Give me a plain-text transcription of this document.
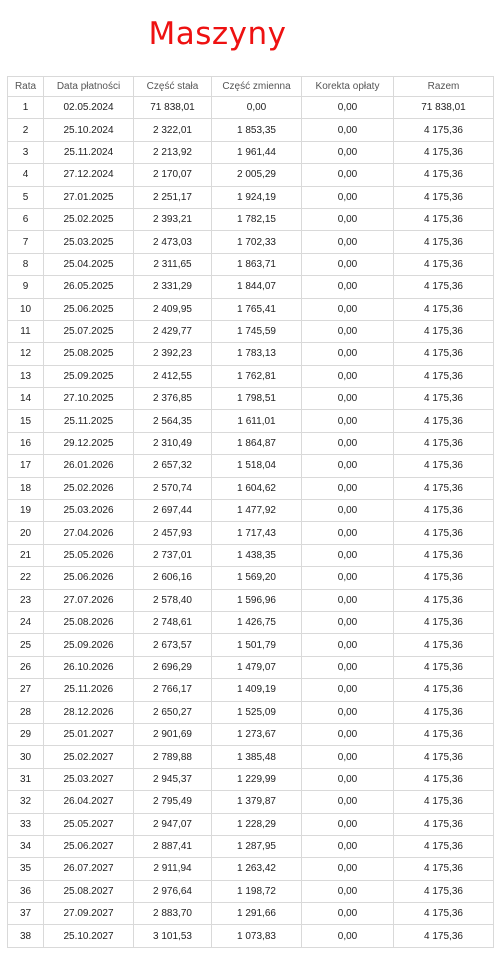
Maszyny
Rata	Data płatności	Część stała	Część zmienna	Korekta opłaty	Razem
1	02.05.2024	71 838,01	0,00	0,00	71 838,01
2	25.10.2024	2 322,01	1 853,35	0,00	4 175,36
3	25.11.2024	2 213,92	1 961,44	0,00	4 175,36
4	27.12.2024	2 170,07	2 005,29	0,00	4 175,36
5	27.01.2025	2 251,17	1 924,19	0,00	4 175,36
6	25.02.2025	2 393,21	1 782,15	0,00	4 175,36
7	25.03.2025	2 473,03	1 702,33	0,00	4 175,36
8	25.04.2025	2 311,65	1 863,71	0,00	4 175,36
9	26.05.2025	2 331,29	1 844,07	0,00	4 175,36
10	25.06.2025	2 409,95	1 765,41	0,00	4 175,36
11	25.07.2025	2 429,77	1 745,59	0,00	4 175,36
12	25.08.2025	2 392,23	1 783,13	0,00	4 175,36
13	25.09.2025	2 412,55	1 762,81	0,00	4 175,36
14	27.10.2025	2 376,85	1 798,51	0,00	4 175,36
15	25.11.2025	2 564,35	1 611,01	0,00	4 175,36
16	29.12.2025	2 310,49	1 864,87	0,00	4 175,36
17	26.01.2026	2 657,32	1 518,04	0,00	4 175,36
18	25.02.2026	2 570,74	1 604,62	0,00	4 175,36
19	25.03.2026	2 697,44	1 477,92	0,00	4 175,36
20	27.04.2026	2 457,93	1 717,43	0,00	4 175,36
21	25.05.2026	2 737,01	1 438,35	0,00	4 175,36
22	25.06.2026	2 606,16	1 569,20	0,00	4 175,36
23	27.07.2026	2 578,40	1 596,96	0,00	4 175,36
24	25.08.2026	2 748,61	1 426,75	0,00	4 175,36
25	25.09.2026	2 673,57	1 501,79	0,00	4 175,36
26	26.10.2026	2 696,29	1 479,07	0,00	4 175,36
27	25.11.2026	2 766,17	1 409,19	0,00	4 175,36
28	28.12.2026	2 650,27	1 525,09	0,00	4 175,36
29	25.01.2027	2 901,69	1 273,67	0,00	4 175,36
30	25.02.2027	2 789,88	1 385,48	0,00	4 175,36
31	25.03.2027	2 945,37	1 229,99	0,00	4 175,36
32	26.04.2027	2 795,49	1 379,87	0,00	4 175,36
33	25.05.2027	2 947,07	1 228,29	0,00	4 175,36
34	25.06.2027	2 887,41	1 287,95	0,00	4 175,36
35	26.07.2027	2 911,94	1 263,42	0,00	4 175,36
36	25.08.2027	2 976,64	1 198,72	0,00	4 175,36
37	27.09.2027	2 883,70	1 291,66	0,00	4 175,36
38	25.10.2027	3 101,53	1 073,83	0,00	4 175,36
